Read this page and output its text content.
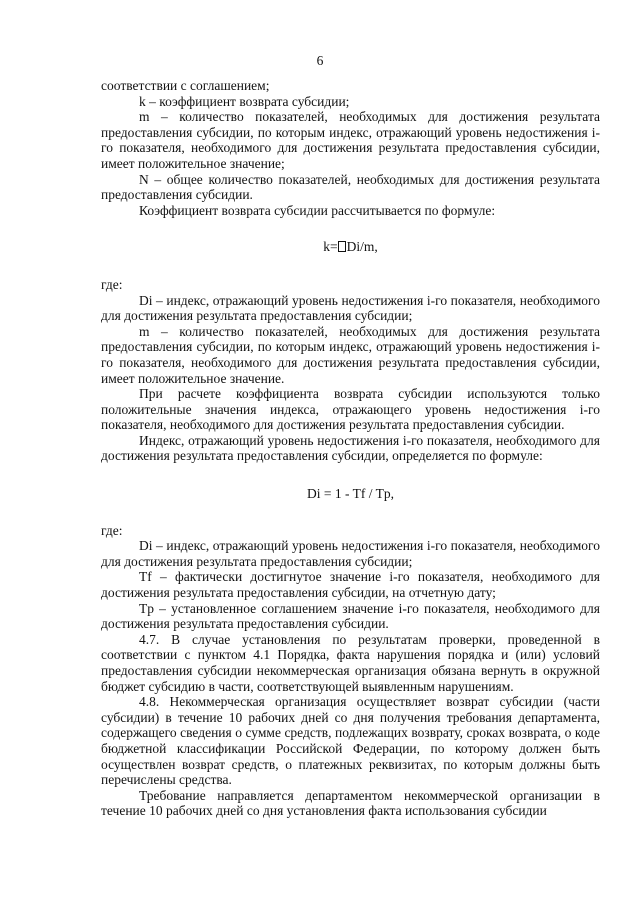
6

соответствии с соглашением;

k – коэффициент возврата субсидии;

m – количество показателей, необходимых для достижения результата предоставления субсидии, по которым индекс, отражающий уровень недостижения i-го показателя, необходимого для достижения результата предоставления субсидии, имеет положительное значение;

N – общее количество показателей, необходимых для достижения результата предоставления субсидии.

Коэффициент возврата субсидии рассчитывается по формуле:

k= Di/m,

где:

Di – индекс, отражающий уровень недостижения i-го показателя, необходимого для достижения результата предоставления субсидии;

m – количество показателей, необходимых для достижения результата предоставления субсидии, по которым индекс, отражающий уровень недостижения i-го показателя, необходимого для достижения результата предоставления субсидии, имеет положительное значение.

При расчете коэффициента возврата субсидии используются только положительные значения индекса, отражающего уровень недостижения i-го показателя, необходимого для достижения результата предоставления субсидии.

Индекс, отражающий уровень недостижения i-го показателя, необходимого для достижения результата предоставления субсидии, определяется по формуле:

Di = 1 - Tf / Tp,

где:

Di – индекс, отражающий уровень недостижения i-го показателя, необходимого для достижения результата предоставления субсидии;

Tf – фактически достигнутое значение i-го показателя, необходимого для достижения результата предоставления субсидии, на отчетную дату;

Tp – установленное соглашением значение i-го показателя, необходимого для достижения результата предоставления субсидии.

4.7. В случае установления по результатам проверки, проведенной в соответствии с пунктом 4.1 Порядка, факта нарушения порядка и (или) условий предоставления субсидии некоммерческая организация обязана вернуть в окружной бюджет субсидию в части, соответствующей выявленным нарушениям.

4.8. Некоммерческая организация осуществляет возврат субсидии (части субсидии) в течение 10 рабочих дней со дня получения требования департамента, содержащего сведения о сумме средств, подлежащих возврату, сроках возврата, о коде бюджетной классификации Российской Федерации, по которому должен быть осуществлен возврат средств, о платежных реквизитах, по которым должны быть перечислены средства.

Требование направляется департаментом некоммерческой организации в течение 10 рабочих дней со дня установления факта использования субсидии
